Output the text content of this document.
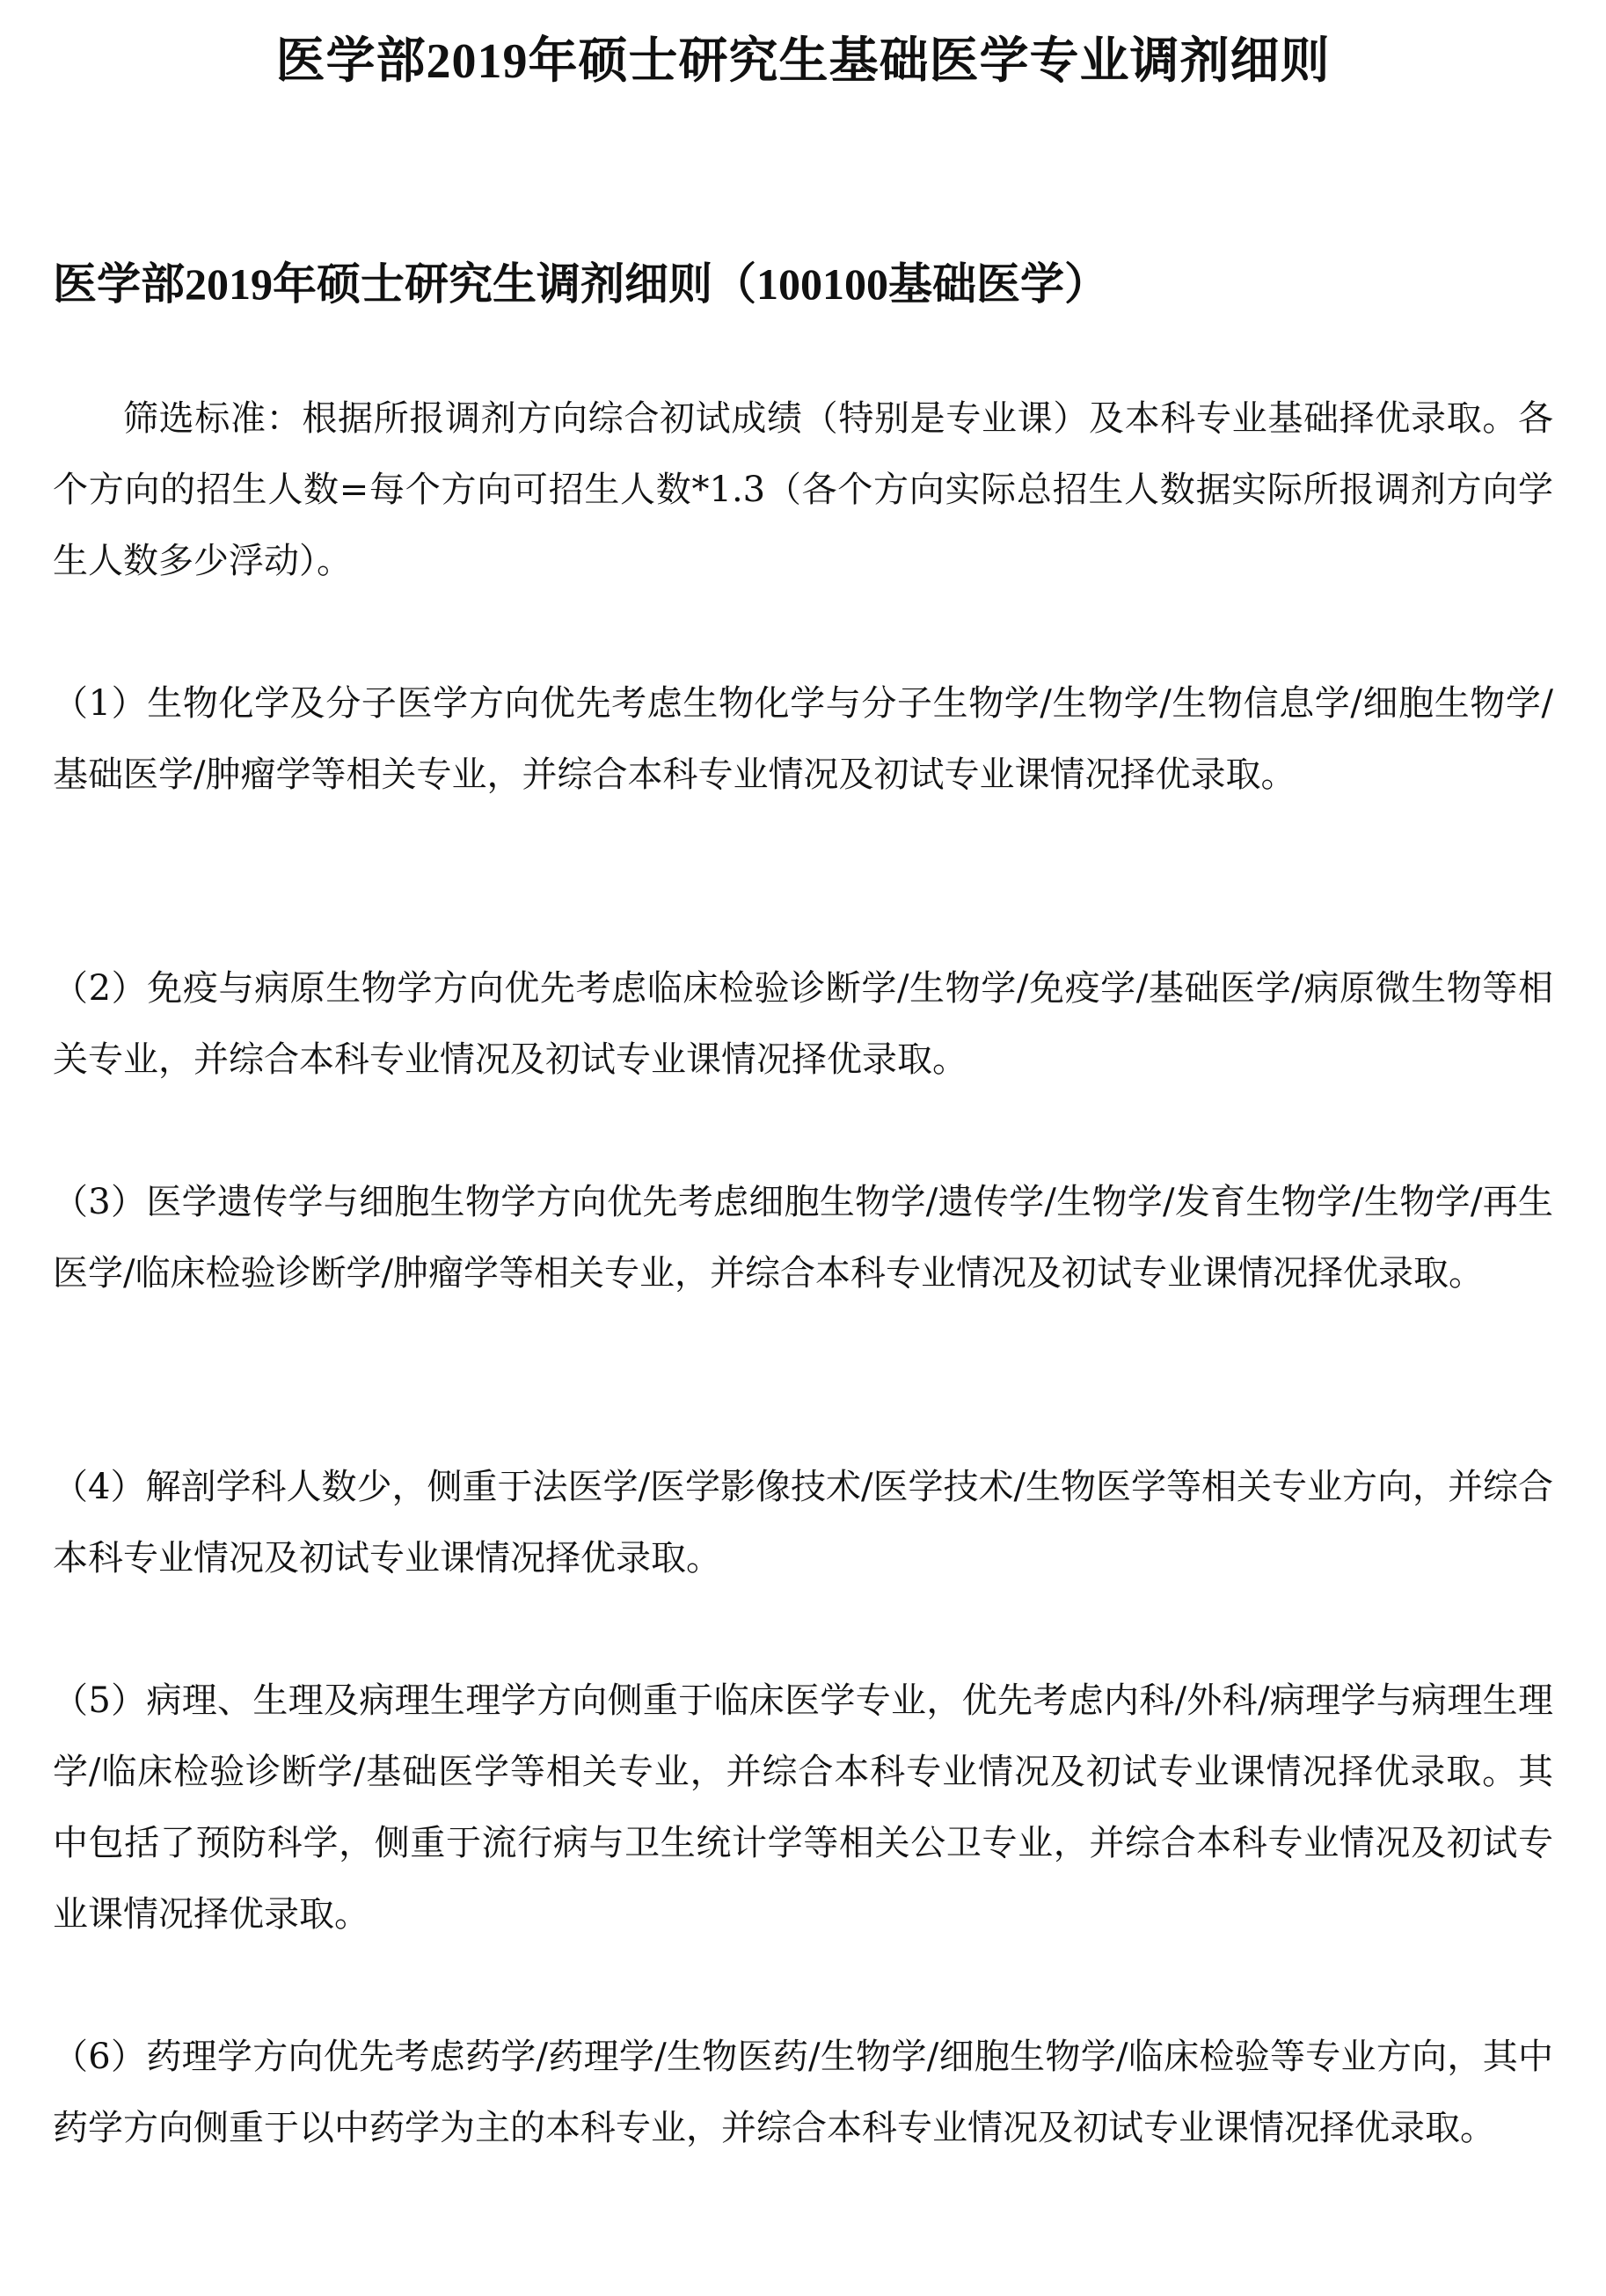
医学部2019年硕士研究生基础医学专业调剂细则
医学部2019年硕士研究生调剂细则（100100基础医学）

筛选标准：根据所报调剂方向综合初试成绩（特别是专业课）及本科专业基础择优录取。各个方向的招生人数=每个方向可招生人数*1.3（各个方向实际总招生人数据实际所报调剂方向学生人数多少浮动）。

（1）生物化学及分子医学方向优先考虑生物化学与分子生物学/生物学/生物信息学/细胞生物学/基础医学/肿瘤学等相关专业，并综合本科专业情况及初试专业课情况择优录取。

（2）免疫与病原生物学方向优先考虑临床检验诊断学/生物学/免疫学/基础医学/病原微生物等相关专业，并综合本科专业情况及初试专业课情况择优录取。

（3）医学遗传学与细胞生物学方向优先考虑细胞生物学/遗传学/生物学/发育生物学/生物学/再生医学/临床检验诊断学/肿瘤学等相关专业，并综合本科专业情况及初试专业课情况择优录取。

（4）解剖学科人数少，侧重于法医学/医学影像技术/医学技术/生物医学等相关专业方向，并综合本科专业情况及初试专业课情况择优录取。

（5）病理、生理及病理生理学方向侧重于临床医学专业，优先考虑内科/外科/病理学与病理生理学/临床检验诊断学/基础医学等相关专业，并综合本科专业情况及初试专业课情况择优录取。其中包括了预防科学，侧重于流行病与卫生统计学等相关公卫专业，并综合本科专业情况及初试专业课情况择优录取。

（6）药理学方向优先考虑药学/药理学/生物医药/生物学/细胞生物学/临床检验等专业方向，其中药学方向侧重于以中药学为主的本科专业，并综合本科专业情况及初试专业课情况择优录取。
